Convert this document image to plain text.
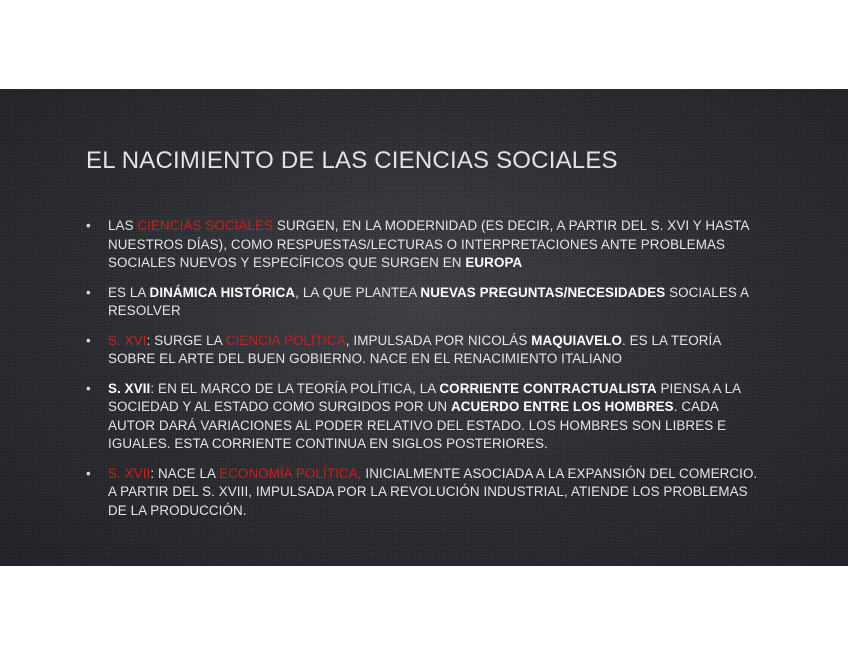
EL NACIMIENTO DE LAS CIENCIAS SOCIALES
• LAS CIENCIAS SOCIALES SURGEN, EN LA MODERNIDAD (ES DECIR, A PARTIR DEL S. XVI Y HASTA NUESTROS DÍAS), COMO RESPUESTAS/LECTURAS O INTERPRETACIONES ANTE PROBLEMAS SOCIALES NUEVOS Y ESPECÍFICOS QUE SURGEN EN EUROPA
• ES LA DINÁMICA HISTÓRICA, LA QUE PLANTEA NUEVAS PREGUNTAS/NECESIDADES SOCIALES A RESOLVER
• S. XVI: SURGE LA CIENCIA POLÍTICA, IMPULSADA POR NICOLÁS MAQUIAVELO. ES LA TEORÍA SOBRE EL ARTE DEL BUEN GOBIERNO. NACE EN EL RENACIMIENTO ITALIANO
• S. XVII: EN EL MARCO DE LA TEORÍA POLÍTICA, LA CORRIENTE CONTRACTUALISTA PIENSA A LA SOCIEDAD Y AL ESTADO COMO SURGIDOS POR UN ACUERDO ENTRE LOS HOMBRES. CADA AUTOR DARÁ VARIACIONES AL PODER RELATIVO DEL ESTADO. LOS HOMBRES SON LIBRES E IGUALES. ESTA CORRIENTE CONTINUA EN SIGLOS POSTERIORES.
• S. XVII: NACE LA ECONOMÍA POLÍTICA, INICIALMENTE ASOCIADA A LA EXPANSIÓN DEL COMERCIO. A PARTIR DEL S. XVIII, IMPULSADA POR LA REVOLUCIÓN INDUSTRIAL, ATIENDE LOS PROBLEMAS DE LA PRODUCCIÓN.
